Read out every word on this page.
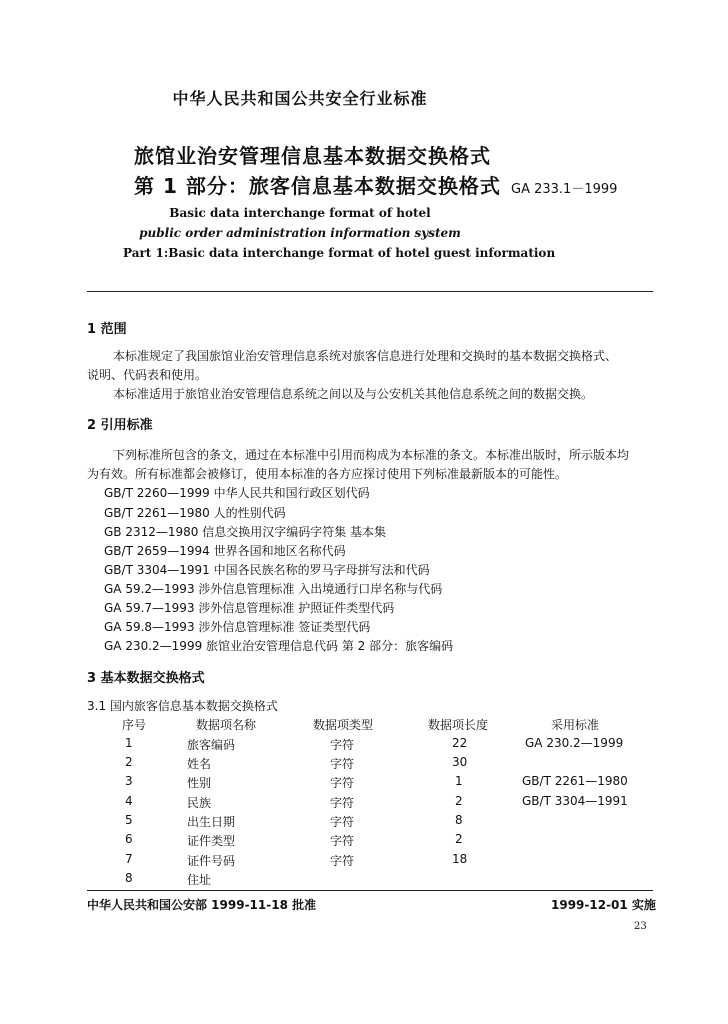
中华人民共和国公共安全行业标准
旅馆业治安管理信息基本数据交换格式
第 1 部分：旅客信息基本数据交换格式 GA 233.1－1999
Basic data interchange format of hotel
public order administration information system
Part 1:Basic data interchange format of hotel guest information
1 范围
本标准规定了我国旅馆业治安管理信息系统对旅客信息进行处理和交换时的基本数据交换格式、
说明、代码表和使用。
本标准适用于旅馆业治安管理信息系统之间以及与公安机关其他信息系统之间的数据交换。
2 引用标准
下列标准所包含的条文，通过在本标准中引用而构成为本标准的条文。本标准出版时，所示版本均
为有效。所有标准都会被修订，使用本标准的各方应探讨使用下列标准最新版本的可能性。
GB/T 2260—1999 中华人民共和国行政区划代码
GB/T 2261—1980 人的性别代码
GB 2312—1980 信息交换用汉字编码字符集 基本集
GB/T 2659—1994 世界各国和地区名称代码
GB/T 3304—1991 中国各民族名称的罗马字母拼写法和代码
GA 59.2—1993 涉外信息管理标准 入出境通行口岸名称与代码
GA 59.7—1993 涉外信息管理标准 护照证件类型代码
GA 59.8—1993 涉外信息管理标准 签证类型代码
GA 230.2—1999 旅馆业治安管理信息代码 第 2 部分：旅客编码
3 基本数据交换格式
3.1 国内旅客信息基本数据交换格式
序号	数据项名称	数据项类型	数据项长度	采用标准
1	旅客编码	字符	22	GA 230.2—1999
2	姓名	字符	30
3	性别	字符	1	GB/T 2261—1980
4	民族	字符	2	GB/T 3304—1991
5	出生日期	字符	8
6	证件类型	字符	2
7	证件号码	字符	18
8	住址
中华人民共和国公安部 1999-11-18 批准	1999-12-01 实施
23
